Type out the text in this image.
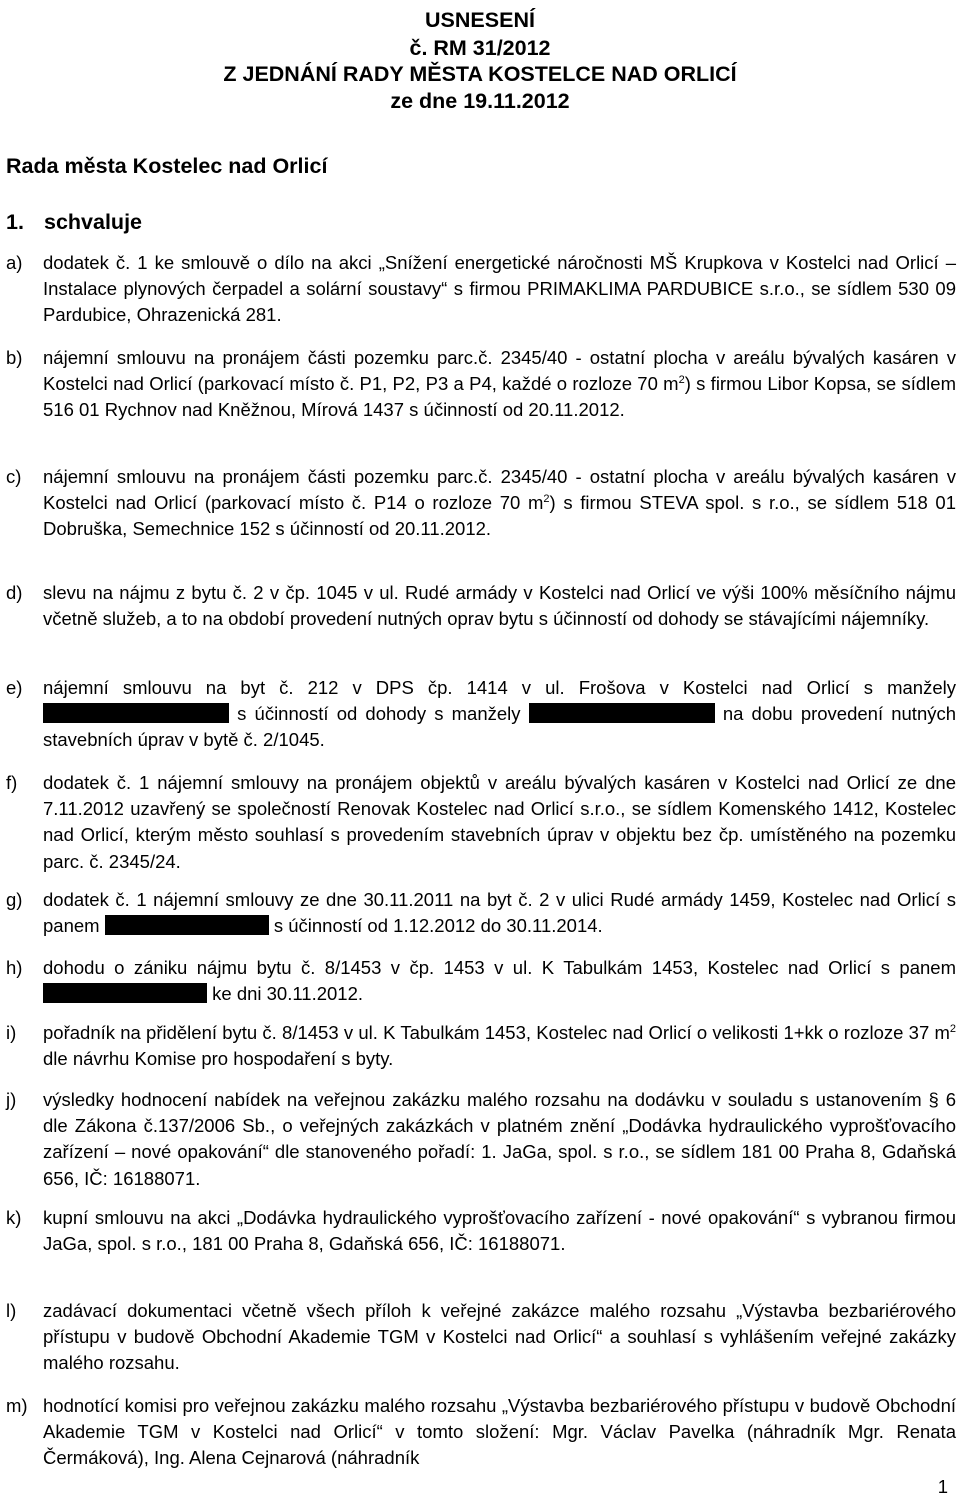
USNESENÍ
č. RM 31/2012
Z JEDNÁNÍ RADY MĚSTA KOSTELCE NAD ORLICÍ
ze dne 19.11.2012
Rada města Kostelec nad Orlicí
1. schvaluje
a)	dodatek č. 1 ke smlouvě o dílo na akci „Snížení energetické náročnosti MŠ Krupkova v Kostelci nad Orlicí – Instalace plynových čerpadel a solární soustavy“ s firmou PRIMAKLIMA PARDUBICE s.r.o., se sídlem 530 09 Pardubice, Ohrazenická 281.
b)	nájemní smlouvu na pronájem části pozemku parc.č. 2345/40 - ostatní plocha v areálu bývalých kasáren v Kostelci nad Orlicí (parkovací místo č. P1, P2, P3 a P4, každé o rozloze 70 $m^2$) s firmou Libor Kopsa, se sídlem 516 01 Rychnov nad Kněžnou, Mírová 1437 s účinností od 20.11.2012.
c)	nájemní smlouvu na pronájem části pozemku parc.č. 2345/40 - ostatní plocha v areálu bývalých kasáren v Kostelci nad Orlicí (parkovací místo č. P14 o rozloze 70 $m^2$) s firmou STEVA spol. s r.o., se sídlem 518 01 Dobruška, Semechnice 152 s účinností od 20.11.2012.
d)	slevu na nájmu z bytu č. 2 v čp. 1045 v ul. Rudé armády v Kostelci nad Orlicí ve výši 100% měsíčního nájmu včetně služeb, a to na období provedení nutných oprav bytu s účinností od dohody se stávajícími nájemníky.
e)	nájemní smlouvu na byt č. 212 v DPS čp. 1414 v ul. Frošova v Kostelci nad Orlicí s manžely  s účinností od dohody s manžely	na dobu provedení nutných stavebních úprav v bytě č. 2/1045.
f)	dodatek č. 1 nájemní smlouvy na pronájem objektů v areálu bývalých kasáren v Kostelci nad Orlicí ze dne 7.11.2012 uzavřený se společností Renovak Kostelec nad Orlicí s.r.o., se sídlem Komenského 1412, Kostelec nad Orlicí, kterým město souhlasí s provedením stavebních úprav v objektu bez čp. umístěného na pozemku parc. č. 2345/24.
g)	dodatek č. 1 nájemní smlouvy ze dne 30.11.2011 na byt č. 2 v ulici Rudé armády 1459, Kostelec nad Orlicí s panem	s účinností od 1.12.2012 do 30.11.2014.
h)	dohodu o zániku nájmu bytu č. 8/1453 v čp. 1453 v ul. K Tabulkám 1453, Kostelec nad Orlicí s panem  ke dni 30.11.2012.
i)	pořadník na přidělení bytu č. 8/1453 v ul. K Tabulkám 1453, Kostelec nad Orlicí o velikosti 1+kk o rozloze 37 $m^2$ dle návrhu Komise pro hospodaření s byty.
j)	výsledky hodnocení nabídek na veřejnou zakázku malého rozsahu na dodávku v souladu s ustanovením § 6 dle Zákona č.137/2006 Sb., o veřejných zakázkách v platném znění „Dodávka hydraulického vyprošťovacího zařízení – nové opakování“ dle stanoveného pořadí: 1. JaGa, spol. s r.o., se sídlem 181 00 Praha 8, Gdaňská 656, IČ: 16188071.
k)	kupní smlouvu na akci „Dodávka hydraulického vyprošťovacího zařízení - nové opakování“ s vybranou firmou JaGa, spol. s r.o., 181 00 Praha 8, Gdaňská 656, IČ: 16188071.
l)	zadávací dokumentaci včetně všech příloh k veřejné zakázce malého rozsahu „Výstavba bezbariérového přístupu v budově Obchodní Akademie TGM v Kostelci nad Orlicí“ a souhlasí s vyhlášením veřejné zakázky malého rozsahu.
m) hodnotící komisi pro veřejnou zakázku malého rozsahu „Výstavba bezbariérového přístupu v budově Obchodní Akademie TGM v Kostelci nad Orlicí“ v tomto složení: Mgr. Václav Pavelka (náhradník Mgr. Renata Čermáková), Ing. Alena Cejnarová (náhradník
1
